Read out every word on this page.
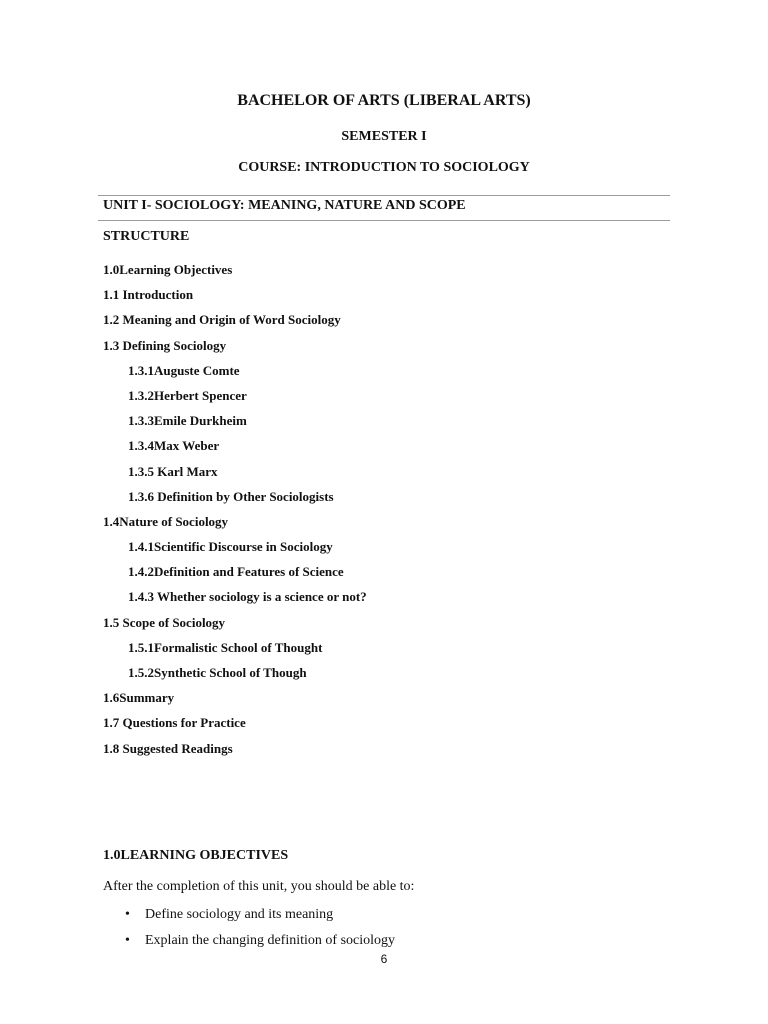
BACHELOR OF ARTS (LIBERAL ARTS)
SEMESTER I
COURSE: INTRODUCTION TO SOCIOLOGY
UNIT I- SOCIOLOGY: MEANING, NATURE AND SCOPE
STRUCTURE
1.0Learning Objectives
1.1 Introduction
1.2 Meaning and Origin of Word Sociology
1.3 Defining Sociology
1.3.1Auguste Comte
1.3.2Herbert Spencer
1.3.3Emile Durkheim
1.3.4Max Weber
1.3.5 Karl Marx
1.3.6 Definition by Other Sociologists
1.4Nature of Sociology
1.4.1Scientific Discourse in Sociology
1.4.2Definition and Features of Science
1.4.3 Whether sociology is a science or not?
1.5 Scope of Sociology
1.5.1Formalistic School of Thought
1.5.2Synthetic School of Though
1.6Summary
1.7 Questions for Practice
1.8 Suggested Readings
1.0LEARNING OBJECTIVES
After the completion of this unit, you should be able to:
• Define sociology and its meaning
• Explain the changing definition of sociology
6
